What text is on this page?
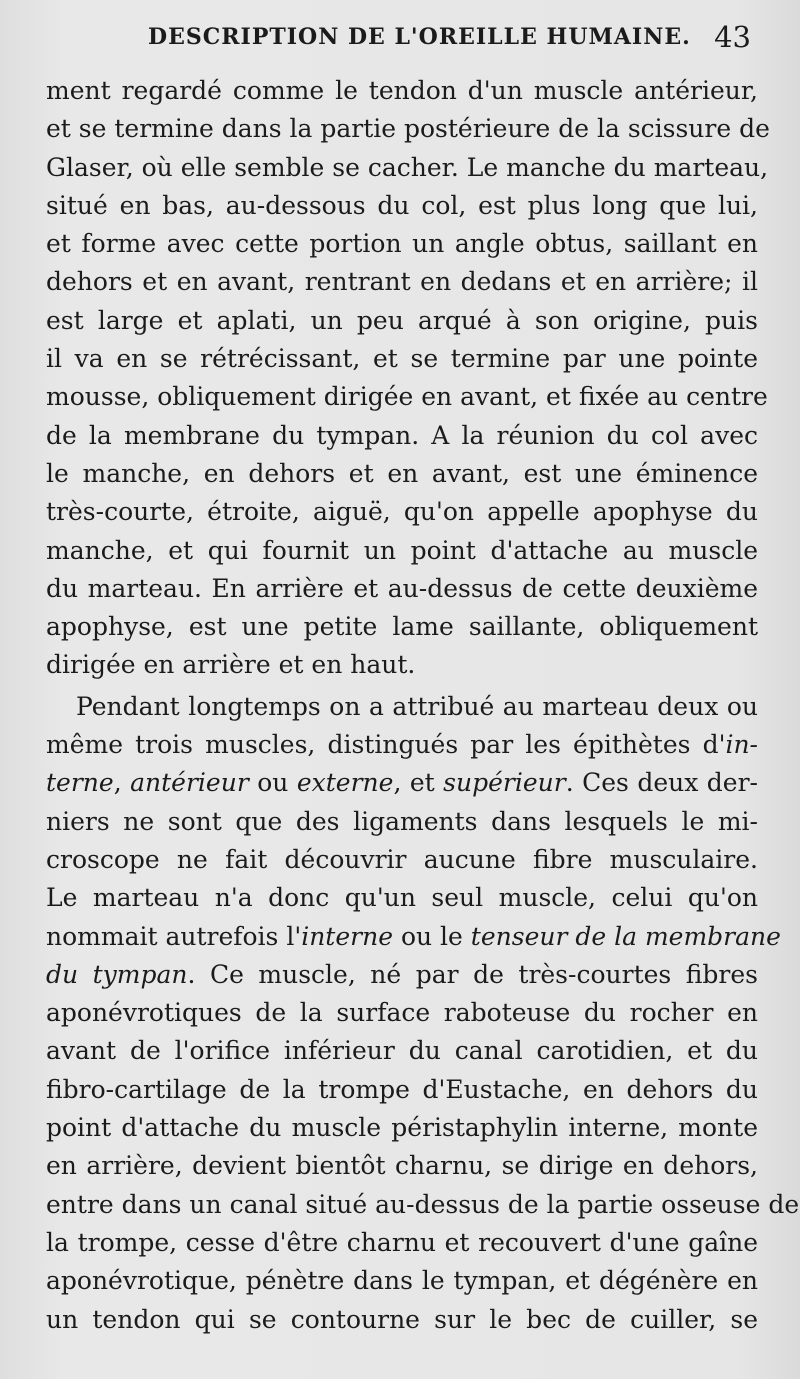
DESCRIPTION DE L'OREILLE HUMAINE. 43
ment regardé comme le tendon d'un muscle antérieur,
et se termine dans la partie postérieure de la scissure de
Glaser, où elle semble se cacher. Le manche du marteau,
situé en bas, au-dessous du col, est plus long que lui,
et forme avec cette portion un angle obtus, saillant en
dehors et en avant, rentrant en dedans et en arrière; il
est large et aplati, un peu arqué à son origine, puis
il va en se rétrécissant, et se termine par une pointe
mousse, obliquement dirigée en avant, et fixée au centre
de la membrane du tympan. A la réunion du col avec
le manche, en dehors et en avant, est une éminence
très-courte, étroite, aiguë, qu'on appelle apophyse du
manche, et qui fournit un point d'attache au muscle
du marteau. En arrière et au-dessus de cette deuxième
apophyse, est une petite lame saillante, obliquement
dirigée en arrière et en haut.
Pendant longtemps on a attribué au marteau deux ou
même trois muscles, distingués par les épithètes d'in-
terne, antérieur ou externe, et supérieur. Ces deux der-
niers ne sont que des ligaments dans lesquels le mi-
croscope ne fait découvrir aucune fibre musculaire.
Le marteau n'a donc qu'un seul muscle, celui qu'on
nommait autrefois l'interne ou le tenseur de la membrane
du tympan. Ce muscle, né par de très-courtes fibres
aponévrotiques de la surface raboteuse du rocher en
avant de l'orifice inférieur du canal carotidien, et du
fibro-cartilage de la trompe d'Eustache, en dehors du
point d'attache du muscle péristaphylin interne, monte
en arrière, devient bientôt charnu, se dirige en dehors,
entre dans un canal situé au-dessus de la partie osseuse de
la trompe, cesse d'être charnu et recouvert d'une gaîne
aponévrotique, pénètre dans le tympan, et dégénère en
un tendon qui se contourne sur le bec de cuiller, se
